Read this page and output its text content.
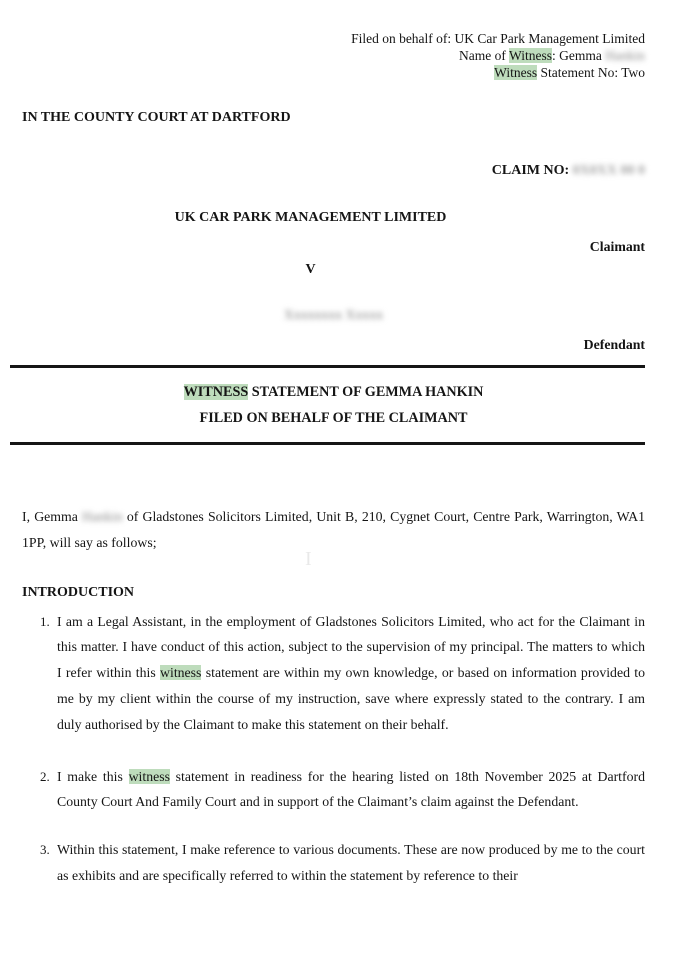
Filed on behalf of: UK Car Park Management Limited
Name of Witness: Gemma Hankin
Witness Statement No: Two
IN THE COUNTY COURT AT DARTFORD
CLAIM NO: 0X0XX 00 0
UK CAR PARK MANAGEMENT LIMITED
Claimant
V
Xxxxxxxx Xxxxx
Defendant
WITNESS STATEMENT OF GEMMA HANKIN
FILED ON BEHALF OF THE CLAIMANT

I, Gemma Hankin of Gladstones Solicitors Limited, Unit B, 210, Cygnet Court, Centre Park, Warrington, WA1 1PP, will say as follows;

I
INTRODUCTION
1. I am a Legal Assistant, in the employment of Gladstones Solicitors Limited, who act for the Claimant in this matter. I have conduct of this action, subject to the supervision of my principal. The matters to which I refer within this witness statement are within my own knowledge, or based on information provided to me by my client within the course of my instruction, save where expressly stated to the contrary. I am duly authorised by the Claimant to make this statement on their behalf.
2. I make this witness statement in readiness for the hearing listed on 18th November 2025 at Dartford County Court And Family Court and in support of the Claimant’s claim against the Defendant.
3. Within this statement, I make reference to various documents. These are now produced by me to the court as exhibits and are specifically referred to within the statement by reference to their
